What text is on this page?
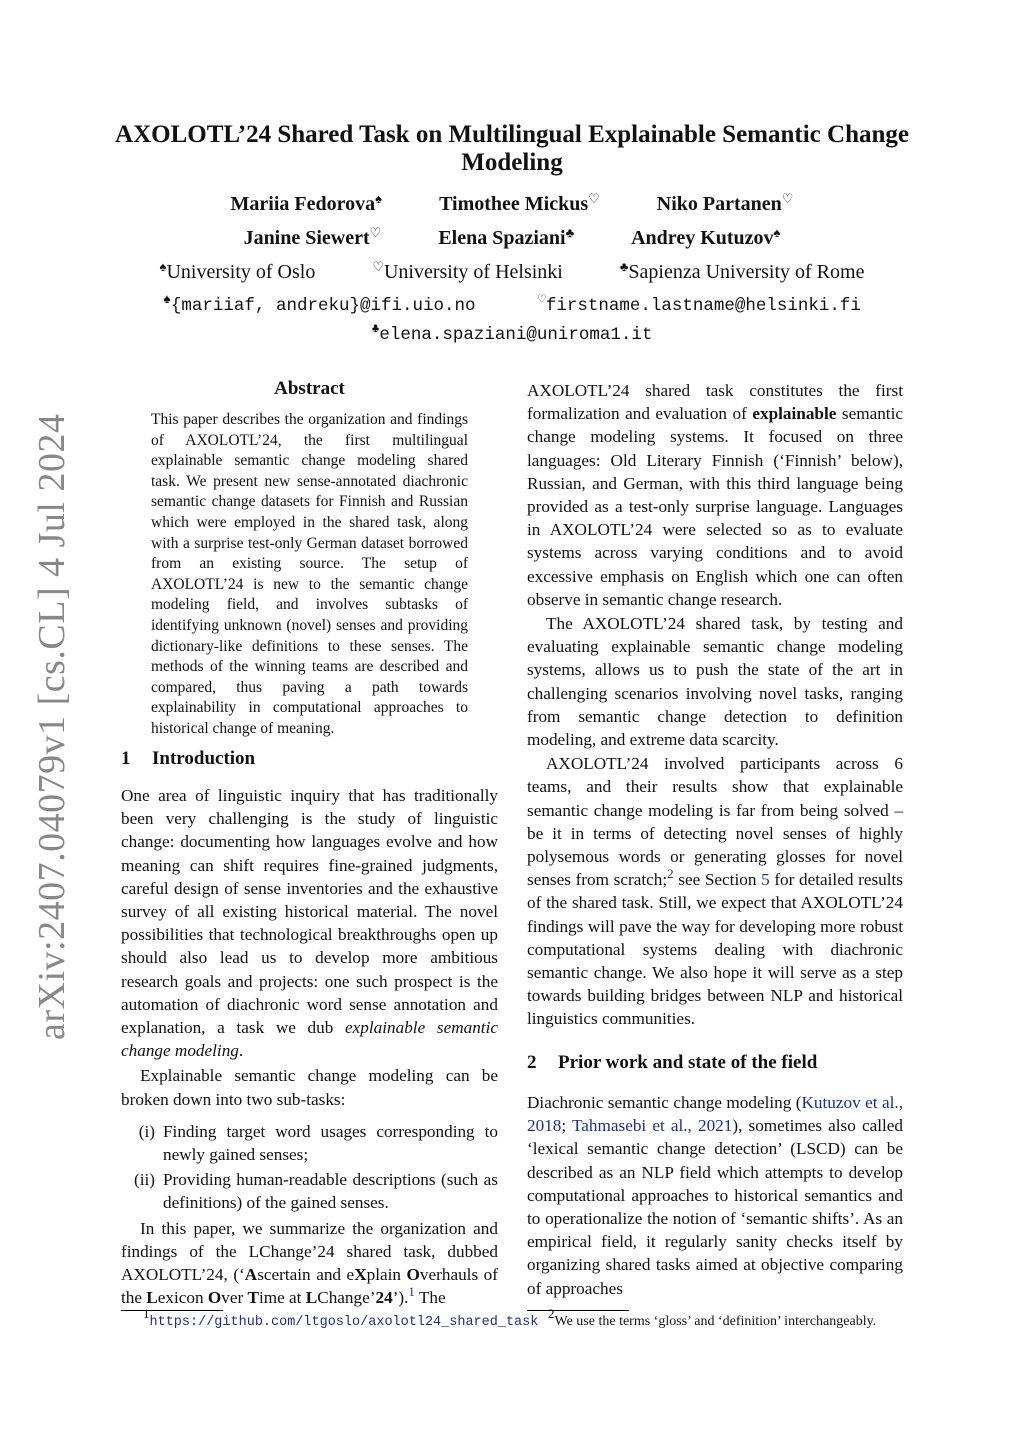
arXiv:2407.04079v1 [cs.CL] 4 Jul 2024
AXOLOTL’24 Shared Task on Multilingual Explainable Semantic Change Modeling
Mariia Fedorova♠	Timothee Mickus♡	Niko Partanen♡
Janine Siewert♡	Elena Spaziani♣	Andrey Kutuzov♠
♠University of Oslo	♡University of Helsinki	♣Sapienza University of Rome
♠{mariiaf, andreku}@ifi.uio.no	♡firstname.lastname@helsinki.fi
♣elena.spaziani@uniroma1.it
Abstract
This paper describes the organization and findings of AXOLOTL’24, the first multilingual explainable semantic change modeling shared task. We present new sense-annotated diachronic semantic change datasets for Finnish and Russian which were employed in the shared task, along with a surprise test-only German dataset borrowed from an existing source. The setup of AXOLOTL’24 is new to the semantic change modeling field, and involves subtasks of identifying unknown (novel) senses and providing dictionary-like definitions to these senses. The methods of the winning teams are described and compared, thus paving a path towards explainability in computational approaches to historical change of meaning.
1 Introduction

One area of linguistic inquiry that has traditionally been very challenging is the study of linguistic change: documenting how languages evolve and how meaning can shift requires fine-grained judgments, careful design of sense inventories and the exhaustive survey of all existing historical material. The novel possibilities that technological breakthroughs open up should also lead us to develop more ambitious research goals and projects: one such prospect is the automation of diachronic word sense annotation and explanation, a task we dub explainable semantic change modeling.

Explainable semantic change modeling can be broken down into two sub-tasks:

(i) Finding target word usages corresponding to newly gained senses;
(ii) Providing human-readable descriptions (such as definitions) of the gained senses.

In this paper, we summarize the organization and findings of the LChange’24 shared task, dubbed AXOLOTL’24, (‘Ascertain and eXplain Overhauls of the Lexicon Over Time at LChange’24’).$^1$ The

AXOLOTL’24 shared task constitutes the first formalization and evaluation of explainable semantic change modeling systems. It focused on three languages: Old Literary Finnish (‘Finnish’ below), Russian, and German, with this third language being provided as a test-only surprise language. Languages in AXOLOTL’24 were selected so as to evaluate systems across varying conditions and to avoid excessive emphasis on English which one can often observe in semantic change research.

The AXOLOTL’24 shared task, by testing and evaluating explainable semantic change modeling systems, allows us to push the state of the art in challenging scenarios involving novel tasks, ranging from semantic change detection to definition modeling, and extreme data scarcity.

AXOLOTL’24 involved participants across 6 teams, and their results show that explainable semantic change modeling is far from being solved – be it in terms of detecting novel senses of highly polysemous words or generating glosses for novel senses from scratch;$^2$ see Section 5 for detailed results of the shared task. Still, we expect that AXOLOTL’24 findings will pave the way for developing more robust computational systems dealing with diachronic semantic change. We also hope it will serve as a step towards building bridges between NLP and historical linguistics communities.

2 Prior work and state of the field

Diachronic semantic change modeling (Kutuzov et al., 2018; Tahmasebi et al., 2021), sometimes also called ‘lexical semantic change detection’ (LSCD) can be described as an NLP field which attempts to develop computational approaches to historical semantics and to operationalize the notion of ‘semantic shifts’. As an empirical field, it regularly sanity checks itself by organizing shared tasks aimed at objective comparing of approaches

$^1$https://github.com/ltgoslo/axolotl24_shared_task
$^2$We use the terms ‘gloss’ and ‘definition’ interchangeably.
